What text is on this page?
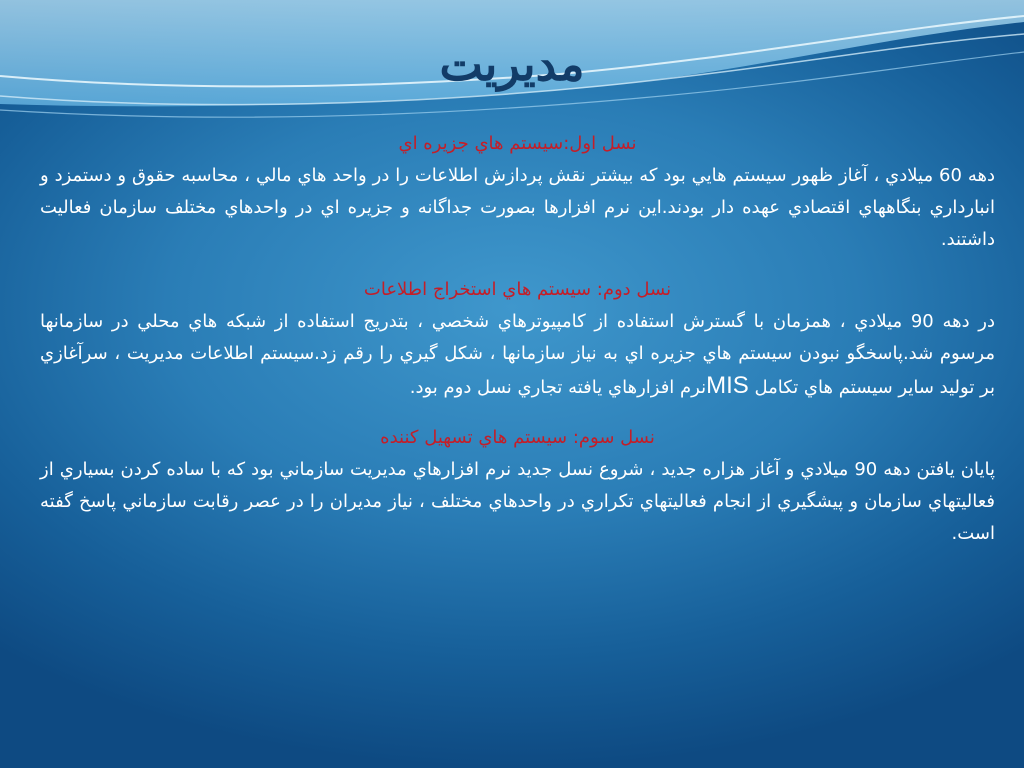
مديريت

نسل اول:سيستم هاي جزيره اي

دهه 60 ميلادي ، آغاز ظهور سيستم هايي بود كه بيشتر نقش پردازش اطلاعات را در واحد هاي مالي ، محاسبه حقوق و دستمزد و انبارداري بنگاههاي اقتصادي عهده دار بودند.اين نرم افزارها بصورت جداگانه و جزيره اي در واحدهاي مختلف سازمان فعاليت داشتند.

نسل دوم: سيستم هاي استخراج اطلاعات

در دهه 90 ميلادي ، همزمان با گسترش استفاده از كامپيوترهاي شخصي ، بتدريج استفاده از شبكه هاي محلي در سازمانها مرسوم شد.پاسخگو نبودن سيستم هاي جزيره اي به نياز سازمانها ، شكل گيري را رقم زد.سيستم اطلاعات مديريت ، سرآغازي بر توليد ساير سيستم هاي تكامل MISنرم افزارهاي يافته تجاري نسل دوم بود.

نسل سوم: سيستم هاي تسهيل كننده

پايان يافتن دهه 90 ميلادي و آغاز هزاره جديد ، شروع نسل جديد نرم افزارهاي مديريت سازماني بود كه با ساده كردن بسياري از فعاليتهاي سازمان و پيشگيري از انجام فعاليتهاي تكراري در واحدهاي مختلف ، نياز مديران را در عصر رقابت سازماني پاسخ گفته است.
